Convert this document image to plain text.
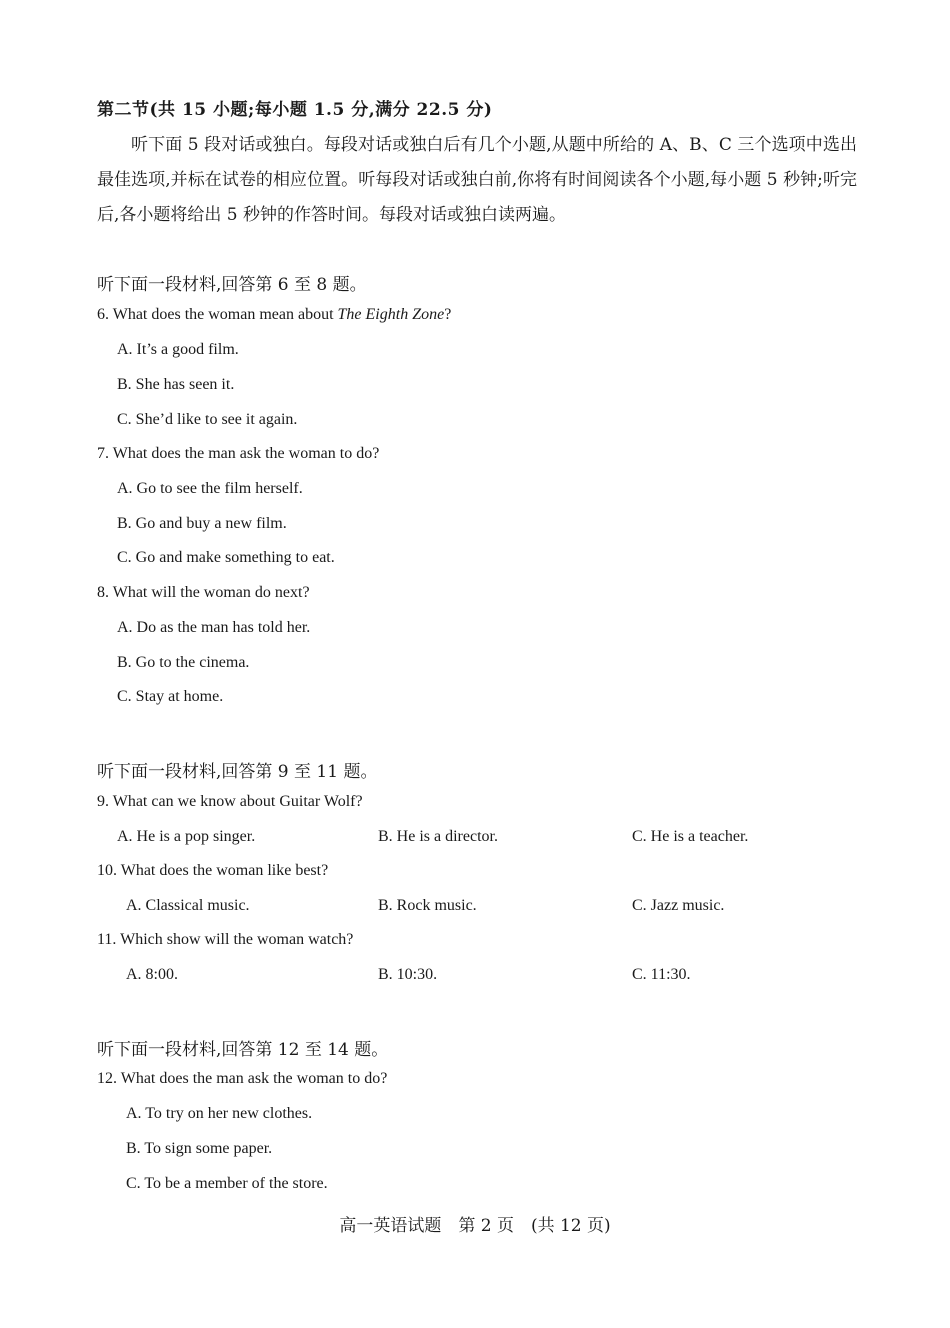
第二节(共 15 小题;每小题 1.5 分,满分 22.5 分)
听下面 5 段对话或独白。每段对话或独白后有几个小题,从题中所给的 A、B、C 三个选项中选出最佳选项,并标在试卷的相应位置。听每段对话或独白前,你将有时间阅读各个小题,每小题 5 秒钟;听完后,各小题将给出 5 秒钟的作答时间。每段对话或独白读两遍。
听下面一段材料,回答第 6 至 8 题。
6. What does the woman mean about The Eighth Zone?
A. It’s a good film.
B. She has seen it.
C. She’d like to see it again.
7. What does the man ask the woman to do?
A. Go to see the film herself.
B. Go and buy a new film.
C. Go and make something to eat.
8. What will the woman do next?
A. Do as the man has told her.
B. Go to the cinema.
C. Stay at home.
听下面一段材料,回答第 9 至 11 题。
9. What can we know about Guitar Wolf?
A. He is a pop singer.	B. He is a director.	C. He is a teacher.
10. What does the woman like best?
A. Classical music.	B. Rock music.	C. Jazz music.
11. Which show will the woman watch?
A. 8:00.	B. 10:30.	C. 11:30.
听下面一段材料,回答第 12 至 14 题。
12. What does the man ask the woman to do?
A. To try on her new clothes.
B. To sign some paper.
C. To be a member of the store.
高一英语试题　第 2 页　(共 12 页)
